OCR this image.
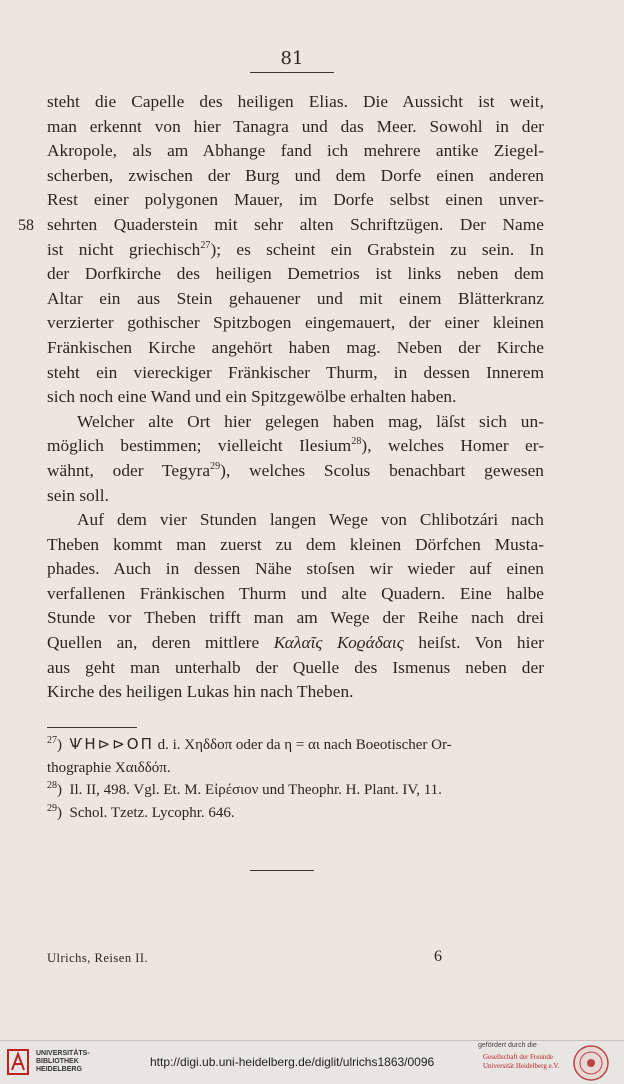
81
58
steht die Capelle des heiligen Elias. Die Aussicht ist weit,
man erkennt von hier Tanagra und das Meer. Sowohl in der
Akropole, als am Abhange fand ich mehrere antike Ziegel-
scherben, zwischen der Burg und dem Dorfe einen anderen
Rest einer polygonen Mauer, im Dorfe selbst einen unver-
sehrten Quaderstein mit sehr alten Schriftzügen. Der Name
ist nicht griechisch$^{27}$); es scheint ein Grabstein zu sein. In
der Dorfkirche des heiligen Demetrios ist links neben dem
Altar ein aus Stein gehauener und mit einem Blätterkranz
verzierter gothischer Spitzbogen eingemauert, der einer kleinen
Fränkischen Kirche angehört haben mag. Neben der Kirche
steht ein viereckiger Fränkischer Thurm, in dessen Innerem
sich noch eine Wand und ein Spitzgewölbe erhalten haben.
Welcher alte Ort hier gelegen haben mag, läſst sich un-
möglich bestimmen; vielleicht Ilesium$^{28}$), welches Homer er-
wähnt, oder Tegyra$^{29}$), welches Scolus benachbart gewesen
sein soll.
Auf dem vier Stunden langen Wege von Chlibotzári nach
Theben kommt man zuerst zu dem kleinen Dörfchen Musta-
phades. Auch in dessen Nähe stoſsen wir wieder auf einen
verfallenen Fränkischen Thurm und alte Quadern. Eine halbe
Stunde vor Theben trifft man am Wege der Reihe nach drei
Quellen an, deren mittlere Καλαῖς Κοϱάδαις heiſst. Von hier
aus geht man unterhalb der Quelle des Ismenus neben der
Kirche des heiligen Lukas hin nach Theben.
$^{27}$) ѰΗ⊳⊳ΟΠ d. i. Χηδδοπ oder da η = αι nach Boeotischer Or-
thographie Χαιδδόπ.
$^{28}$) Il. II, 498. Vgl. Et. M. Εἰρέσιον und Theophr. H. Plant. IV, 11.
$^{29}$) Schol. Tzetz. Lycophr. 646.
Ulrichs, Reisen II.	6
UNIVERSITÄTS-
BIBLIOTHEK
HEIDELBERG
http://digi.ub.uni-heidelberg.de/diglit/ulrichs1863/0096
gefördert durch die
Gesellschaft der Freunde
Universität Heidelberg e.V.
